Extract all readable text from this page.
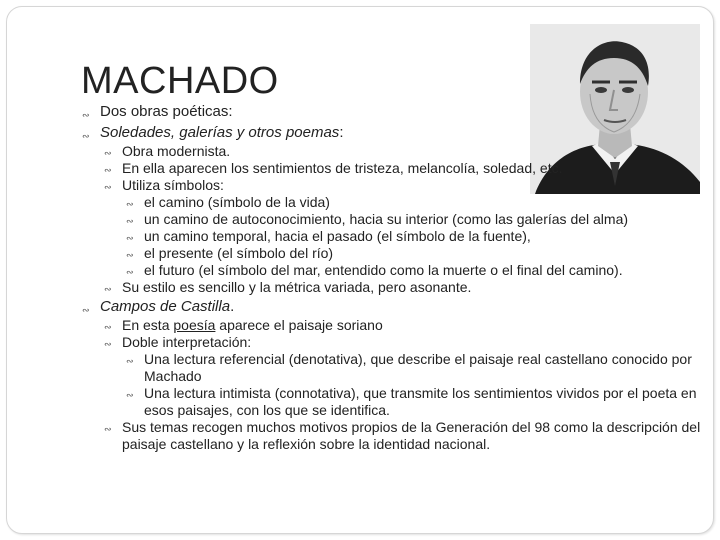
MACHADO
∾ Dos obras poéticas:
∾ Soledades, galerías y otros poemas:
∾ Obra modernista.
∾ En ella aparecen los sentimientos de tristeza, melancolía, soledad, etc.
∾ Utiliza símbolos:
∾ el camino (símbolo de la vida)
∾ un camino de autoconocimiento, hacia su interior (como las galerías del alma)
∾ un camino temporal, hacia el pasado (el símbolo de la fuente),
∾ el presente (el símbolo del río)
∾ el futuro (el símbolo del mar, entendido como la muerte o el final del camino).
∾ Su estilo es sencillo y la métrica variada, pero asonante.
∾ Campos de Castilla.
∾ En esta poesía aparece el paisaje soriano
∾ Doble interpretación:
∾ Una lectura referencial (denotativa), que describe el paisaje real castellano conocido por Machado
∾ Una lectura intimista (connotativa), que transmite los sentimientos vividos por el poeta en esos paisajes, con los que se identifica.
∾ Sus temas recogen muchos motivos propios de la Generación del 98 como la descripción del paisaje castellano y la reflexión sobre la identidad nacional.
